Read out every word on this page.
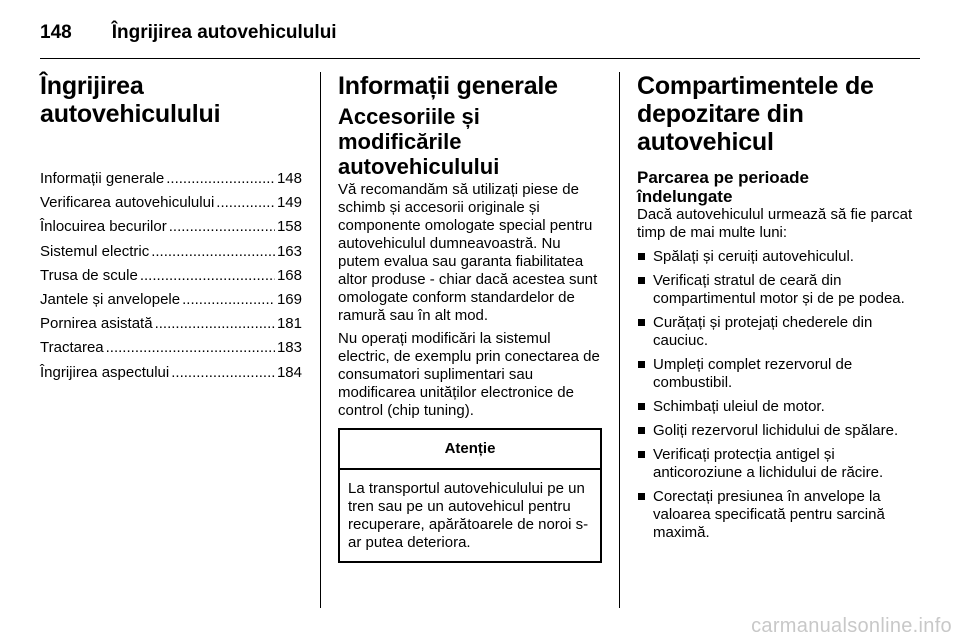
148 Îngrijirea autovehiculului
Îngrijirea
autovehiculului
Informații generale .....	148
Verificarea autovehiculului .....	149
Înlocuirea becurilor .....	158
Sistemul electric .....	163
Trusa de scule .....	168
Jantele și anvelopele .....	169
Pornirea asistată .....	181
Tractarea .....	183
Îngrijirea aspectului .....	184
Informații generale
Accesoriile și modificările
autovehiculului

Vă recomandăm să utilizați piese de schimb și accesorii originale și componente omologate special pentru autovehiculul dumneavoastră. Nu putem evalua sau garanta fiabilitatea altor produse - chiar dacă acestea sunt omologate conform standardelor de ramură sau în alt mod.

Nu operați modificări la sistemul electric, de exemplu prin conectarea de consumatori suplimentari sau modificarea unităților electronice de control (chip tuning).

Atenție
La transportul autovehiculului pe un tren sau pe un autovehicul pentru recuperare, apărătoarele de noroi s-ar putea deteriora.
Compartimentele de
depozitare din autovehicul
Parcarea pe perioade
îndelungate

Dacă autovehiculul urmează să fie parcat timp de mai multe luni:

Spălați și ceruiți autovehiculul.
Verificați stratul de ceară din compartimentul motor și de pe podea.
Curățați și protejați chederele din cauciuc.
Umpleți complet rezervorul de combustibil.
Schimbați uleiul de motor.
Goliți rezervorul lichidului de spălare.
Verificați protecția antigel și anticoroziune a lichidului de răcire.
Corectați presiunea în anvelope la valoarea specificată pentru sarcină maximă.
carmanualsonline.info
